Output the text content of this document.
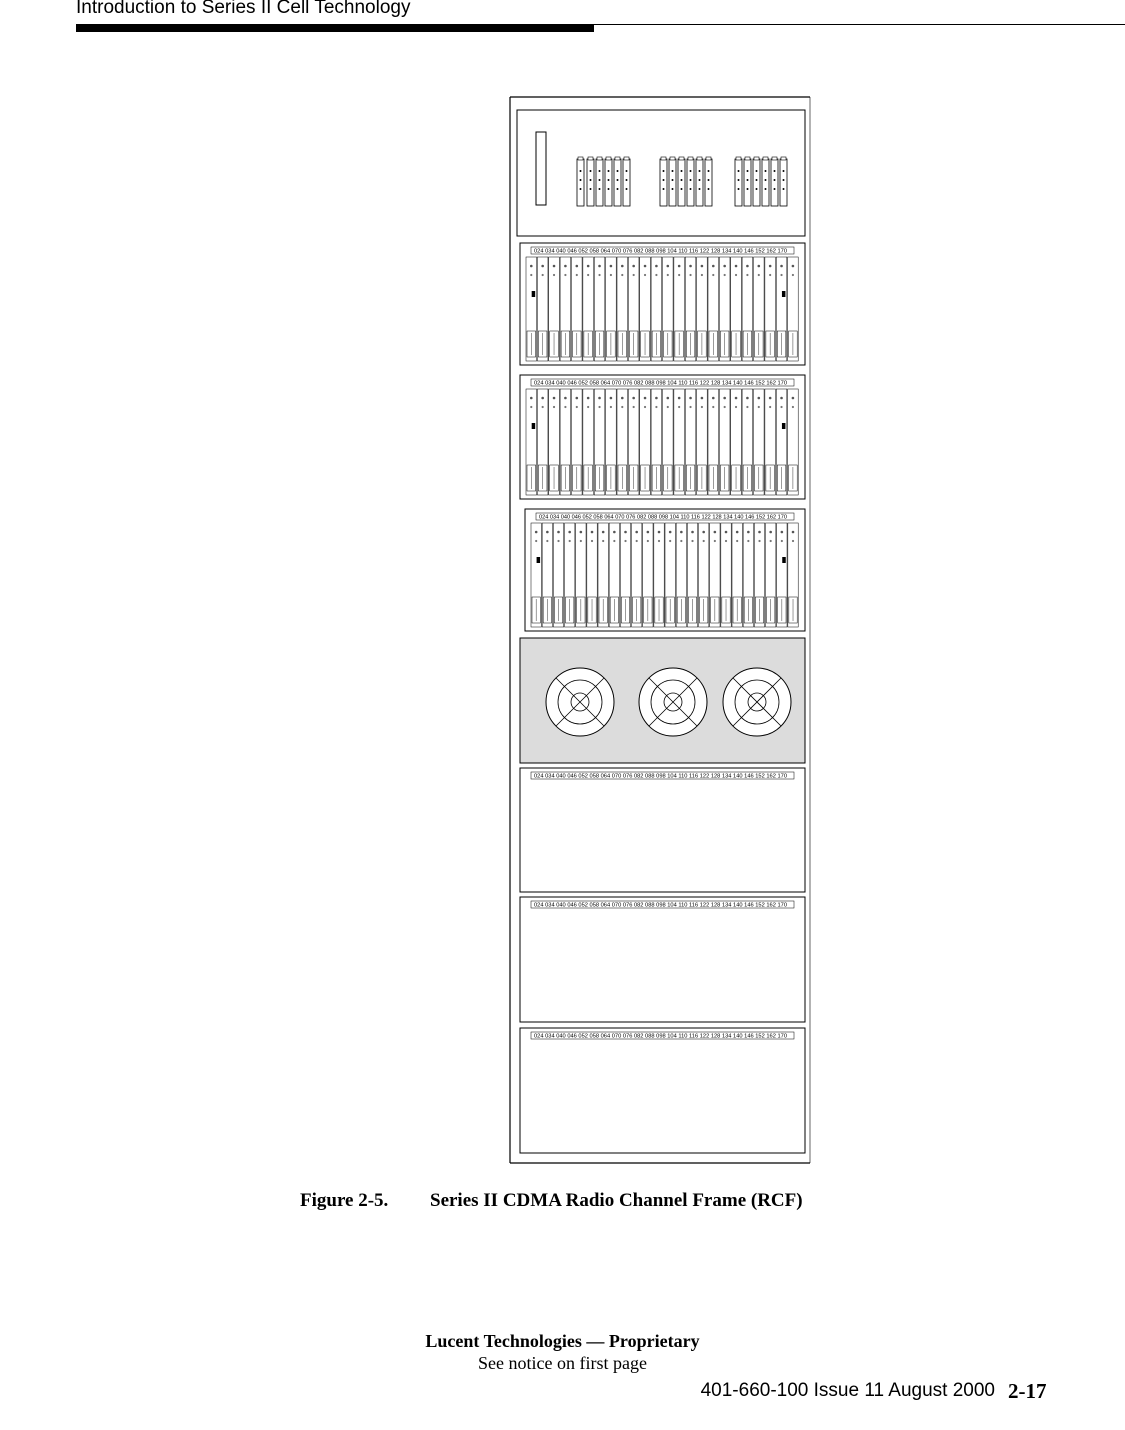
Introduction to Series II Cell Technology
024 034 040 046 052 058 064 070 076 082 088 098 104 110 116 122 128 134 140 146 152 162 170
024 034 040 046 052 058 064 070 076 082 088 098 104 110 116 122 128 134 140 146 152 162 170
024 034 040 046 052 058 064 070 076 082 088 098 104 110 116 122 128 134 140 146 152 162 170
024 034 040 046 052 058 064 070 076 082 088 098 104 110 116 122 128 134 140 146 152 162 170
024 034 040 046 052 058 064 070 076 082 088 098 104 110 116 122 128 134 140 146 152 162 170
024 034 040 046 052 058 064 070 076 082 088 098 104 110 116 122 128 134 140 146 152 162 170
Figure 2-5. Series II CDMA Radio Channel Frame (RCF)
Lucent Technologies — Proprietary
See notice on first page
401-660-100 Issue 11 August 2000 2-17
